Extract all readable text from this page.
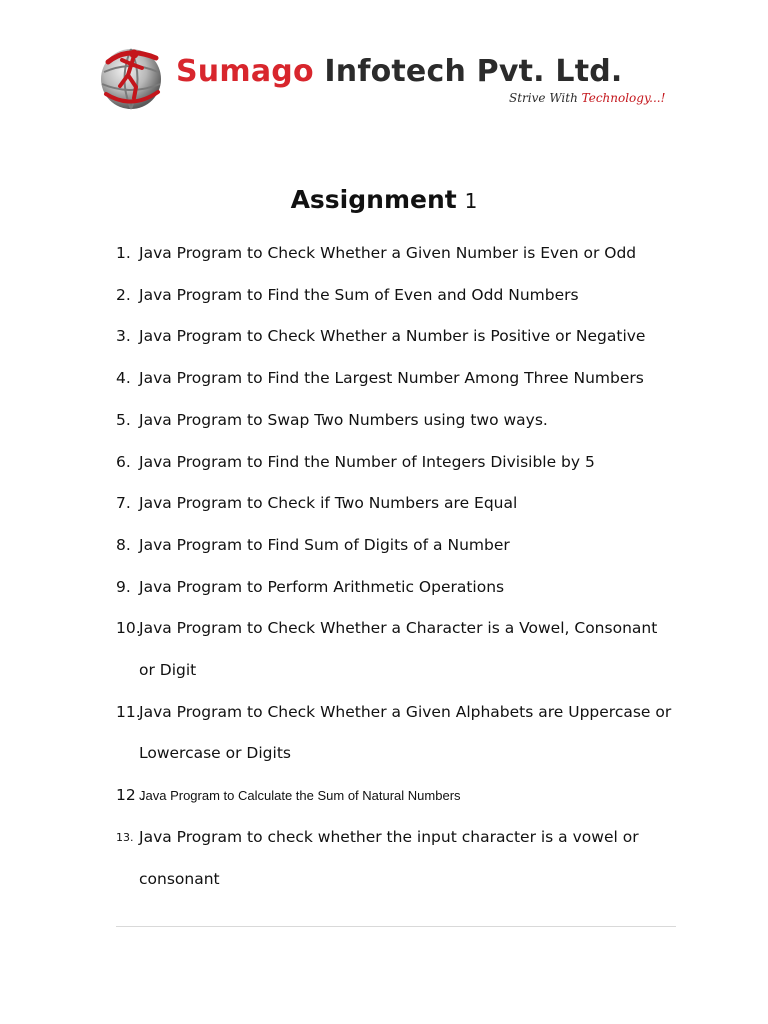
Sumago Infotech Pvt. Ltd.
Strive With Technology...!
Assignment 1
1. Java Program to Check Whether a Given Number is Even or Odd
2. Java Program to Find the Sum of Even and Odd Numbers
3. Java Program to Check Whether a Number is Positive or Negative
4. Java Program to Find the Largest Number Among Three Numbers
5. Java Program to Swap Two Numbers using two ways.
6. Java Program to Find the Number of Integers Divisible by 5
7. Java Program to Check if Two Numbers are Equal
8. Java Program to Find Sum of Digits of a Number
9. Java Program to Perform Arithmetic Operations
10.
Java Program to Check Whether a Character is a Vowel, Consonant or Digit
11.
Java Program to Check Whether a Given Alphabets are Uppercase or Lowercase or Digits
12 .
Java Program to Calculate the Sum of Natural Numbers
13. Java Program to check whether the input character is a vowel or consonant
